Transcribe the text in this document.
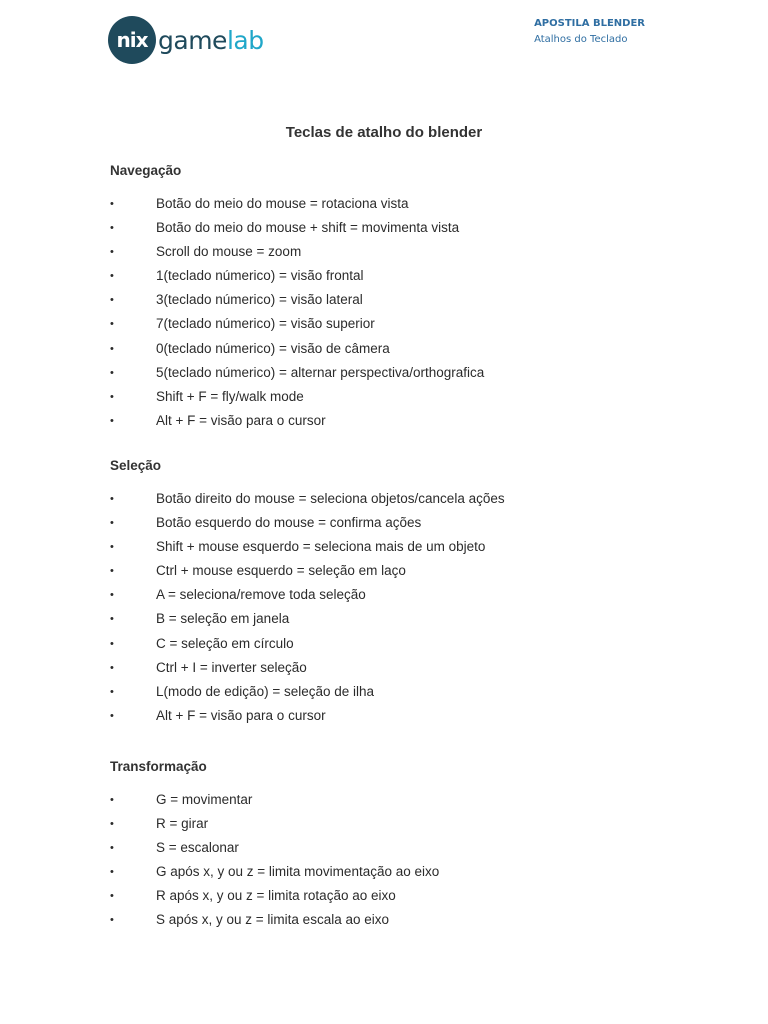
ni x gamelab
APOSTILA BLENDER
Atalhos do Teclado
Teclas de atalho do blender
Navegação
•	Botão do meio do mouse = rotaciona vista
•	Botão do meio do mouse + shift = movimenta vista
•	Scroll do mouse = zoom
•	1(teclado númerico) = visão frontal
•	3(teclado númerico) = visão lateral
•	7(teclado númerico) = visão superior
•	0(teclado númerico) = visão de câmera
•	5(teclado númerico) = alternar perspectiva/orthografica
•	Shift + F = fly/walk mode
•	Alt + F = visão para o cursor
Seleção
•	Botão direito do mouse = seleciona objetos/cancela ações
•	Botão esquerdo do mouse = confirma ações
•	Shift + mouse esquerdo = seleciona mais de um objeto
•	Ctrl + mouse esquerdo = seleção em laço
•	A = seleciona/remove toda seleção
•	B = seleção em janela
•	C = seleção em círculo
•	Ctrl + I = inverter seleção
•	L(modo de edição) = seleção de ilha
•	Alt + F = visão para o cursor
Transformação
•	G = movimentar
•	R = girar
•	S = escalonar
•	G após x, y ou z = limita movimentação ao eixo
•	R após x, y ou z = limita rotação ao eixo
•	S após x, y ou z = limita escala ao eixo
